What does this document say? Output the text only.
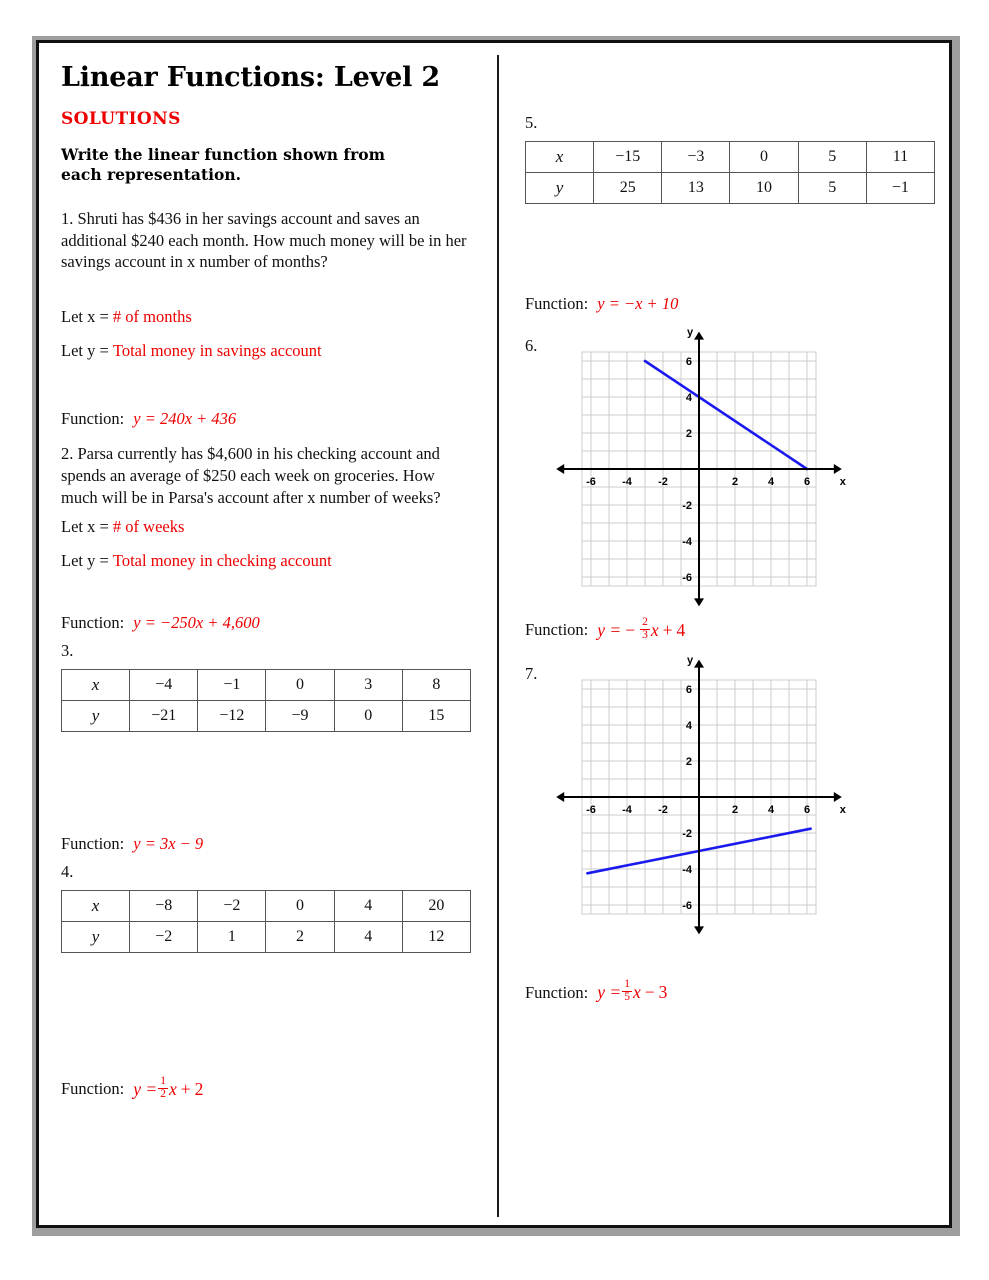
Linear Functions: Level 2
SOLUTIONS
Write the linear function shown from each representation.

1. Shruti has $436 in her savings account and saves an additional $240 each month. How much money will be in her savings account in x number of months?

Let x = # of months

Let y = Total money in savings account

Function: y = 240x + 436

2. Parsa currently has $4,600 in his checking account and spends an average of $250 each week on groceries. How much will be in Parsa's account after x number of weeks?

Let x = # of weeks

Let y = Total money in checking account

Function: y = −250x + 4,600

3.

x	−4	−1	0	3	8
y	−21	−12	−9	0	15

Function: y = 3x − 9

4.

x	−8	−2	0	4	20
y	−2	1	2	4	12

Function: $y = \frac{1}{2}$ x + 2

5.

x	−15	−3	0	5	11
y	25	13	10	5	−1

Function: y = −x + 10

6.
-6 -4 -2	2	4	6
6
4
2
-2
-4
-6
y
x

Function: y = − $\frac{2}{3}$ x + 4

7.
-6 -4 -2	2	4	6
6
4
2
-2
-4
-6
y
x

Function: $y = \frac{1}{5}$ x − 3
